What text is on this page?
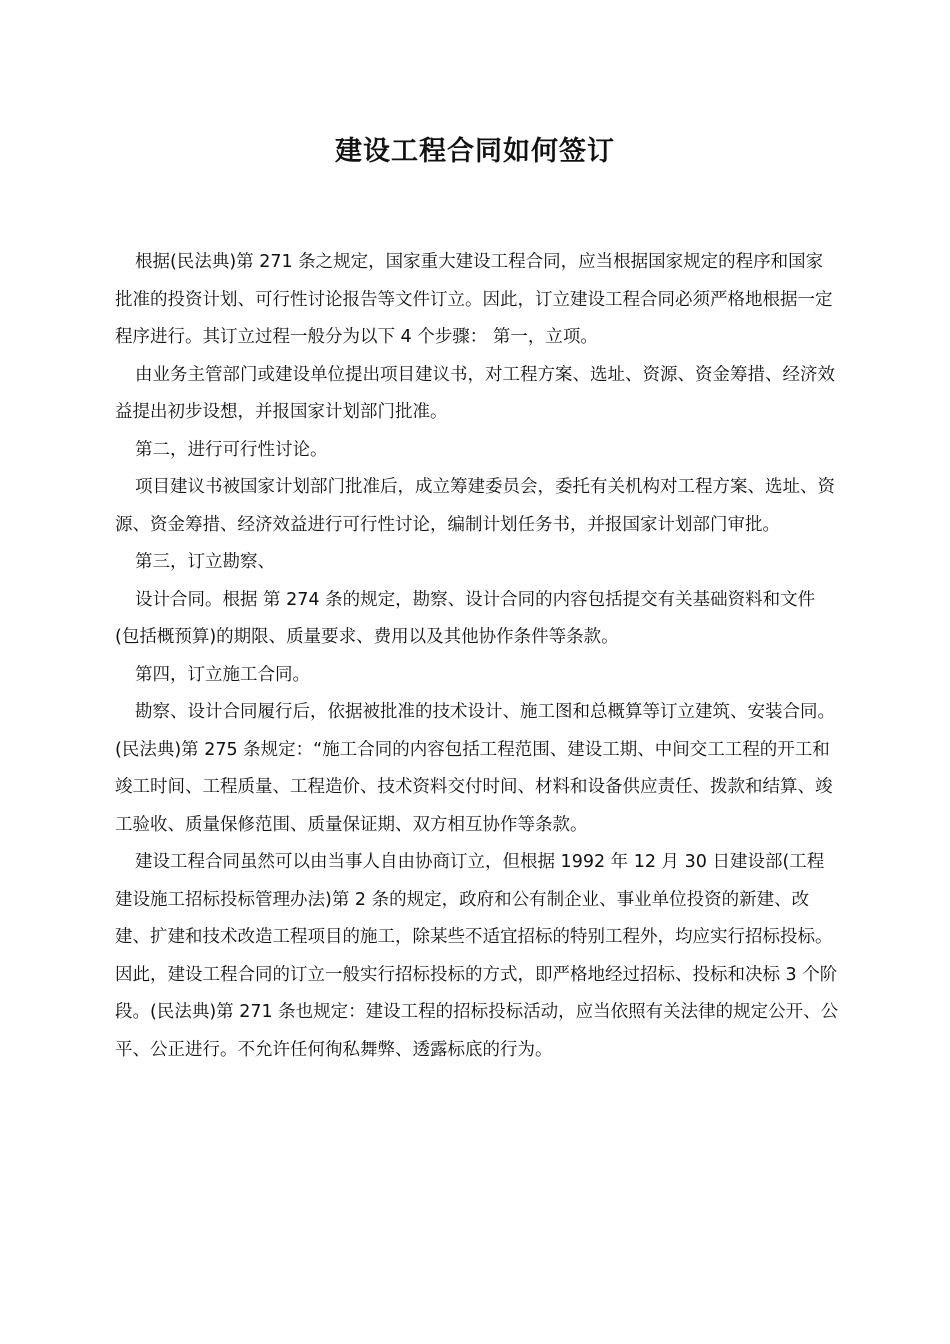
建设工程合同如何签订

根据(民法典)第 271 条之规定，国家重大建设工程合同，应当根据国家规定的程序和国家批准的投资计划、可行性讨论报告等文件订立。因此，订立建设工程合同必须严格地根据一定程序进行。其订立过程一般分为以下 4 个步骤： 第一，立项。

由业务主管部门或建设单位提出项目建议书，对工程方案、选址、资源、资金筹措、经济效益提出初步设想，并报国家计划部门批准。

第二，进行可行性讨论。

项目建议书被国家计划部门批准后，成立筹建委员会，委托有关机构对工程方案、选址、资源、资金筹措、经济效益进行可行性讨论，编制计划任务书，并报国家计划部门审批。

第三，订立勘察、

设计合同。根据 第 274 条的规定，勘察、设计合同的内容包括提交有关基础资料和文件(包括概预算)的期限、质量要求、费用以及其他协作条件等条款。

第四，订立施工合同。

勘察、设计合同履行后，依据被批准的技术设计、施工图和总概算等订立建筑、安装合同。(民法典)第 275 条规定：“施工合同的内容包括工程范围、建设工期、中间交工工程的开工和竣工时间、工程质量、工程造价、技术资料交付时间、材料和设备供应责任、拨款和结算、竣工验收、质量保修范围、质量保证期、双方相互协作等条款。

建设工程合同虽然可以由当事人自由协商订立，但根据 1992 年 12 月 30 日建设部(工程建设施工招标投标管理办法)第 2 条的规定，政府和公有制企业、事业单位投资的新建、改建、扩建和技术改造工程项目的施工，除某些不适宜招标的特别工程外，均应实行招标投标。因此，建设工程合同的订立一般实行招标投标的方式，即严格地经过招标、投标和决标 3 个阶段。(民法典)第 271 条也规定：建设工程的招标投标活动，应当依照有关法律的规定公开、公平、公正进行。不允许任何徇私舞弊、透露标底的行为。
